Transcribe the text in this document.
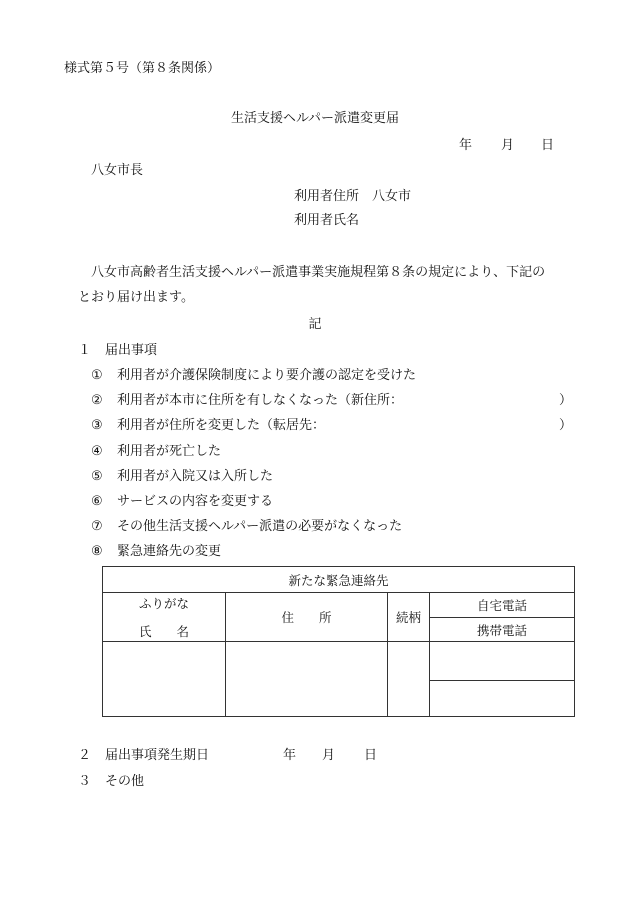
様式第５号（第８条関係）
生活支援ヘルパー派遣変更届
年 月 日
八女市長
利用者住所　八女市
利用者氏名
八女市高齢者生活支援ヘルパー派遣事業実施規程第８条の規定により、下記の
とおり届け出ます。
記
１ 届出事項
① 利用者が介護保険制度により要介護の認定を受けた
② 利用者が本市に住所を有しなくなった（新住所：	）
③ 利用者が住所を変更した（転居先：	）
④ 利用者が死亡した
⑤ 利用者が入院又は入所した
⑥ サービスの内容を変更する
⑦ その他生活支援ヘルパー派遣の必要がなくなった
⑧ 緊急連絡先の変更
新たな緊急連絡先			

ふりがな
氏　　名	住　　所	続柄	自宅電話
			携帯電話

２ 届出事項発生期日	年 月 日
３ その他
